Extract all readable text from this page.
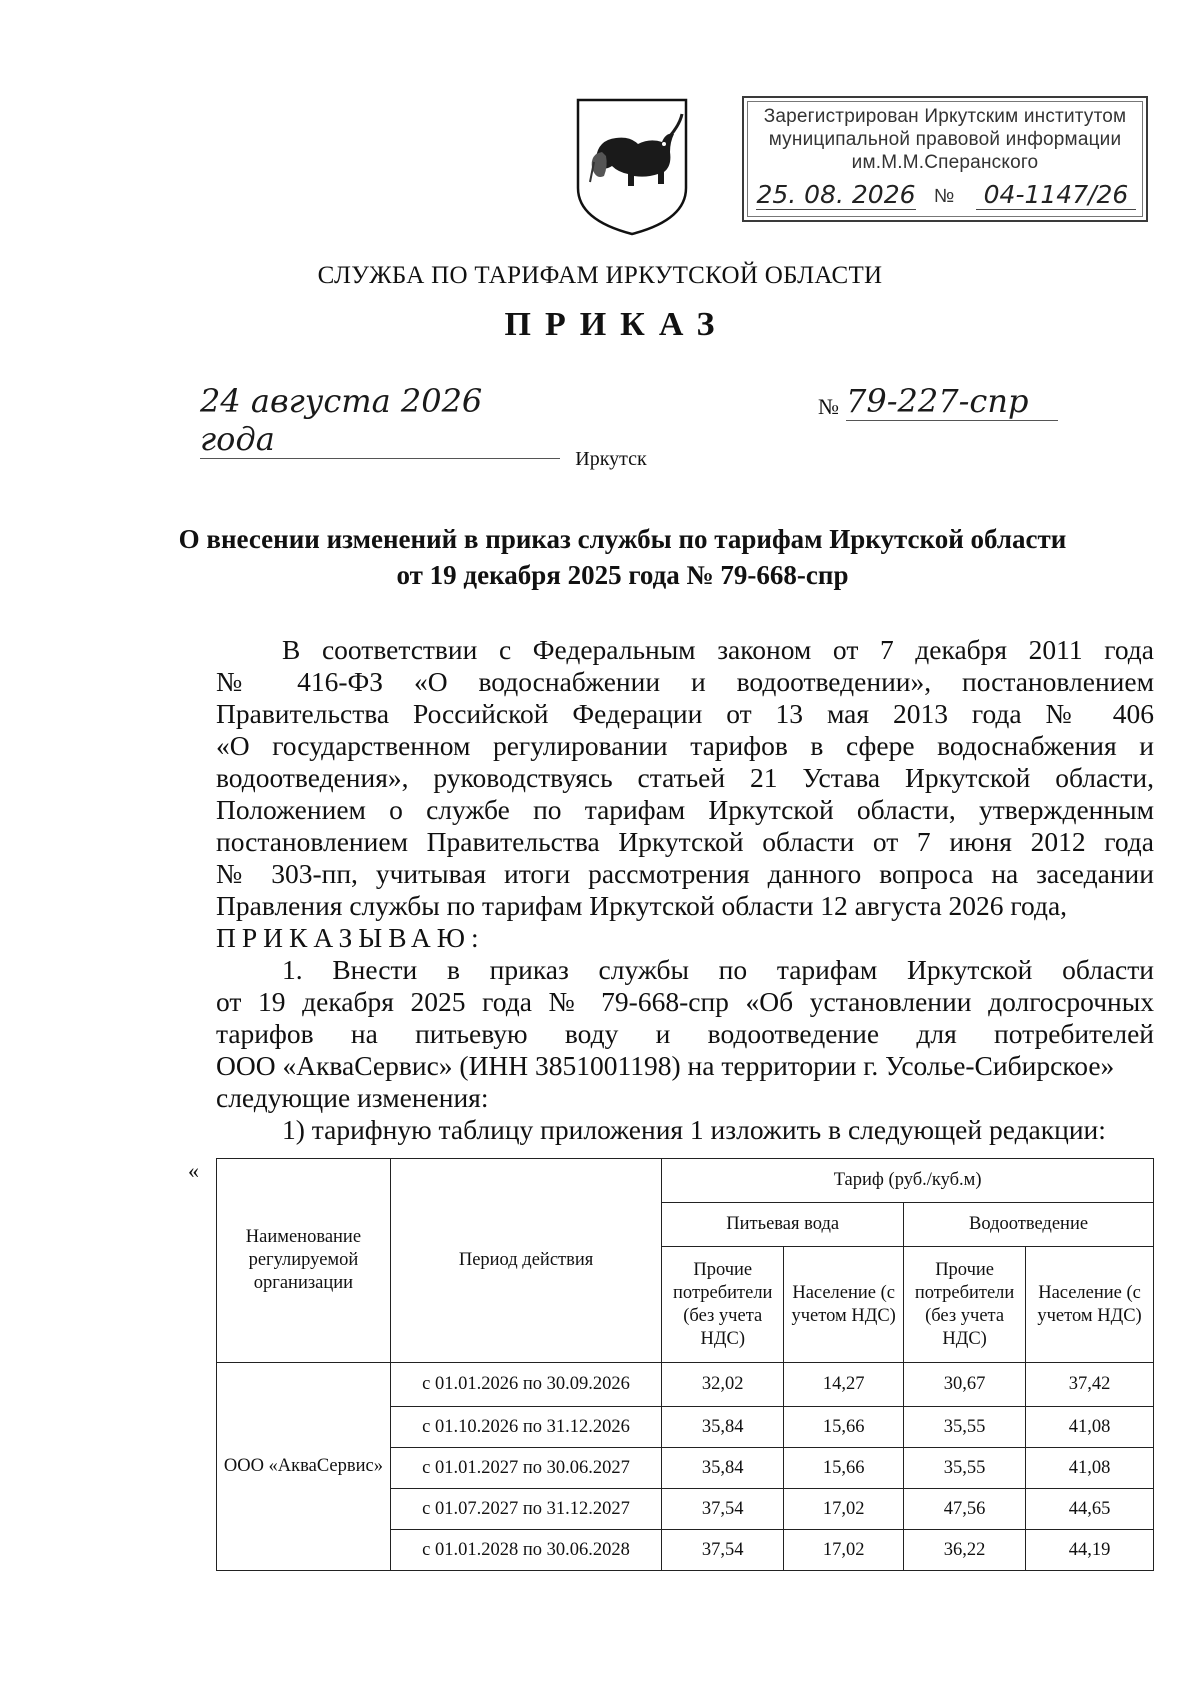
Зарегистрирован Иркутским институтом
муниципальной правовой информации
им.М.М.Сперанского
25. 08. 2026 №	04-1147/26
СЛУЖБА ПО ТАРИФАМ ИРКУТСКОЙ ОБЛАСТИ
ПРИКАЗ
24 августа 2026 года
№ 79-227-спр
Иркутск
О внесении изменений в приказ службы по тарифам Иркутской области
от 19 декабря 2025 года № 79-668-спр
В соответствии с Федеральным законом от 7 декабря 2011 года
№ 416-ФЗ «О водоснабжении и водоотведении», постановлением
Правительства Российской Федерации от 13 мая 2013 года № 406
«О государственном регулировании тарифов в сфере водоснабжения и
водоотведения», руководствуясь статьей 21 Устава Иркутской области,
Положением о службе по тарифам Иркутской области, утвержденным
постановлением Правительства Иркутской области от 7 июня 2012 года
№ 303-пп, учитывая итоги рассмотрения данного вопроса на заседании
Правления службы по тарифам Иркутской области 12 августа 2026 года,
ПРИКАЗЫВАЮ:
1. Внести в приказ службы по тарифам Иркутской области
от 19 декабря 2025 года № 79-668-спр «Об установлении долгосрочных
тарифов на питьевую воду и водоотведение для потребителей
ООО «АкваСервис» (ИНН 3851001198) на территории г. Усолье-Сибирское»
следующие изменения:
1) тарифную таблицу приложения 1 изложить в следующей редакции:
«
Наименование регулируемой организации	Период действия	Тариф (руб./куб.м)			
		Питьевая вода		Водоотведение	
		Прочие потребители (без учета НДС)	Население (с учетом НДС)	Прочие потребители (без учета НДС)	Население (с учетом НДС)
ООО «АкваСервис»	с 01.01.2026 по 30.09.2026	32,02	14,27	30,67	37,42
	с 01.10.2026 по 31.12.2026	35,84	15,66	35,55	41,08
	с 01.01.2027 по 30.06.2027	35,84	15,66	35,55	41,08
	с 01.07.2027 по 31.12.2027	37,54	17,02	47,56	44,65
	с 01.01.2028 по 30.06.2028	37,54	17,02	36,22	44,19
